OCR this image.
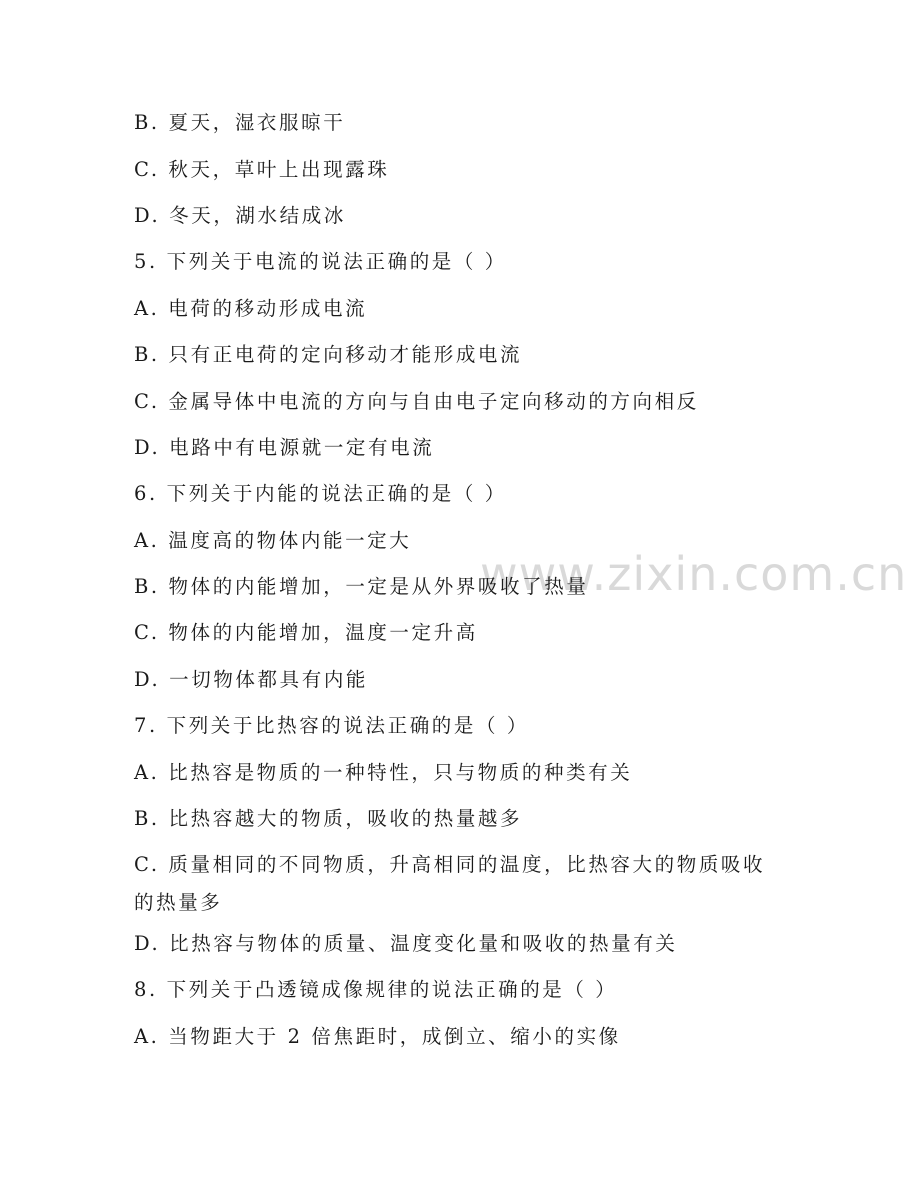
www.zixin.com.cn
B. 夏天，湿衣服晾干
C. 秋天，草叶上出现露珠
D. 冬天，湖水结成冰
5. 下列关于电流的说法正确的是（ ）
A. 电荷的移动形成电流
B. 只有正电荷的定向移动才能形成电流
C. 金属导体中电流的方向与自由电子定向移动的方向相反
D. 电路中有电源就一定有电流
6. 下列关于内能的说法正确的是（ ）
A. 温度高的物体内能一定大
B. 物体的内能增加，一定是从外界吸收了热量
C. 物体的内能增加，温度一定升高
D. 一切物体都具有内能
7. 下列关于比热容的说法正确的是（ ）
A. 比热容是物质的一种特性，只与物质的种类有关
B. 比热容越大的物质，吸收的热量越多
C. 质量相同的不同物质，升高相同的温度，比热容大的物质吸收的热量多
D. 比热容与物体的质量、温度变化量和吸收的热量有关
8. 下列关于凸透镜成像规律的说法正确的是（ ）
A. 当物距大于 2 倍焦距时，成倒立、缩小的实像
